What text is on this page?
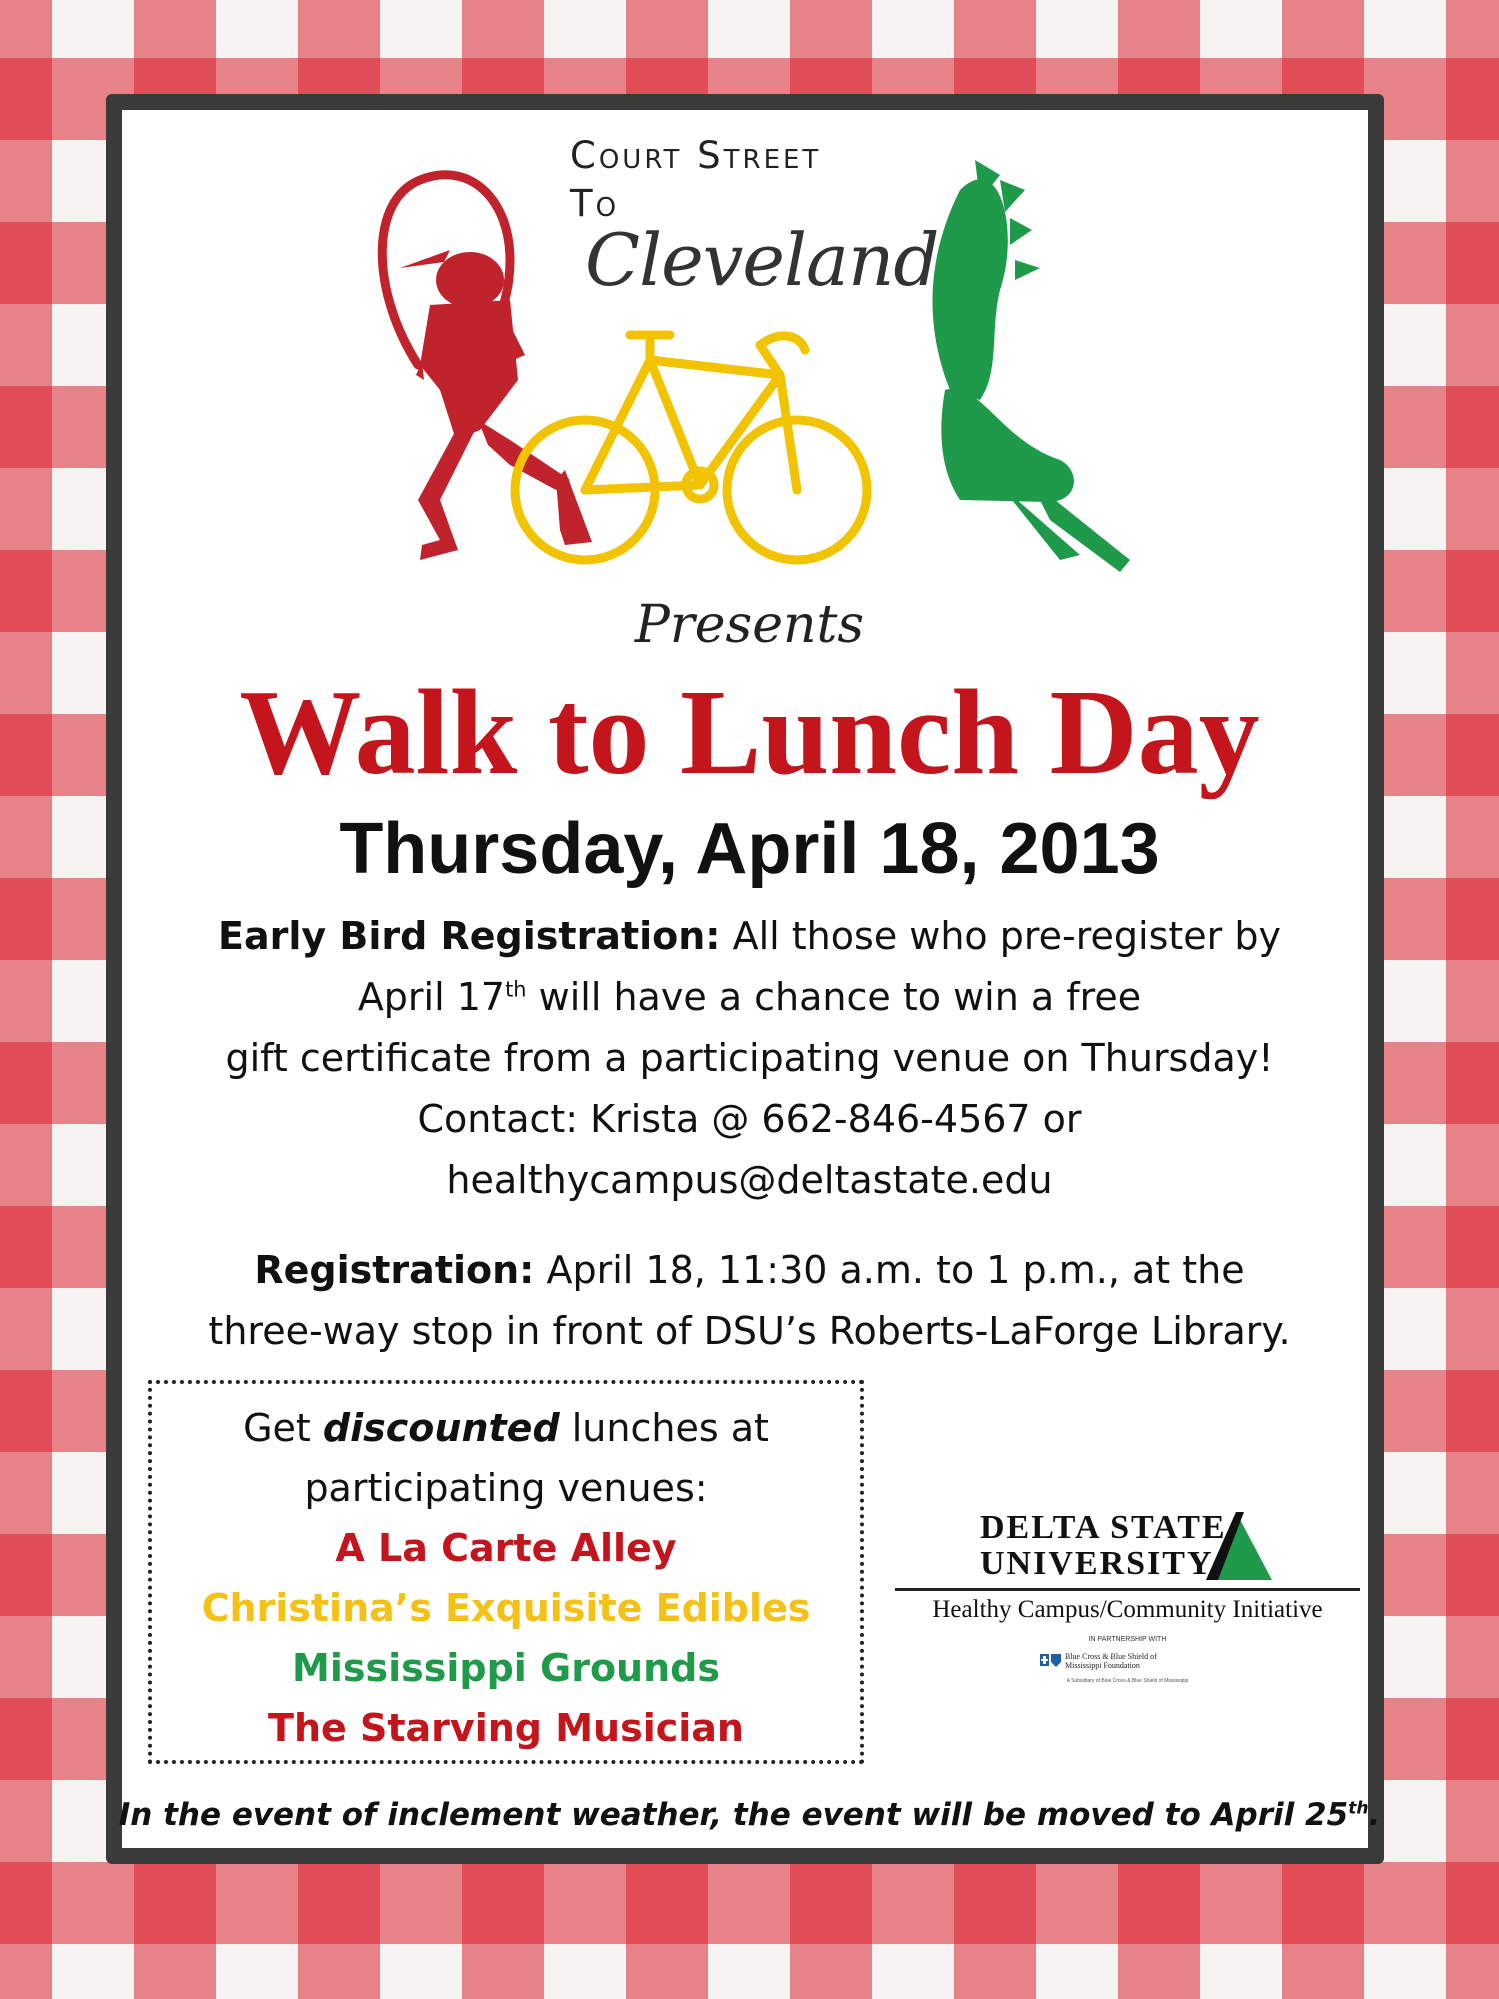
Court Street
To
Cleveland
Presents
Walk to Lunch Day
Thursday, April 18, 2013
Early Bird Registration: All those who pre-register by
April 17th will have a chance to win a free
gift certificate from a participating venue on Thursday!
Contact: Krista @ 662-846-4567 or
healthycampus@deltastate.edu
Registration: April 18, 11:30 a.m. to 1 p.m., at the
three-way stop in front of DSU’s Roberts-LaForge Library.
Get discounted lunches at
participating venues:
A La Carte Alley
Christina’s Exquisite Edibles
Mississippi Grounds
The Starving Musician
DELTA STATE
UNIVERSITY
Healthy Campus/Community Initiative
IN PARTNERSHIP WITH
Blue Cross & Blue Shield of
Mississippi Foundation
A Subsidiary of Blue Cross & Blue Shield of Mississippi
In the event of inclement weather, the event will be moved to April 25th.
